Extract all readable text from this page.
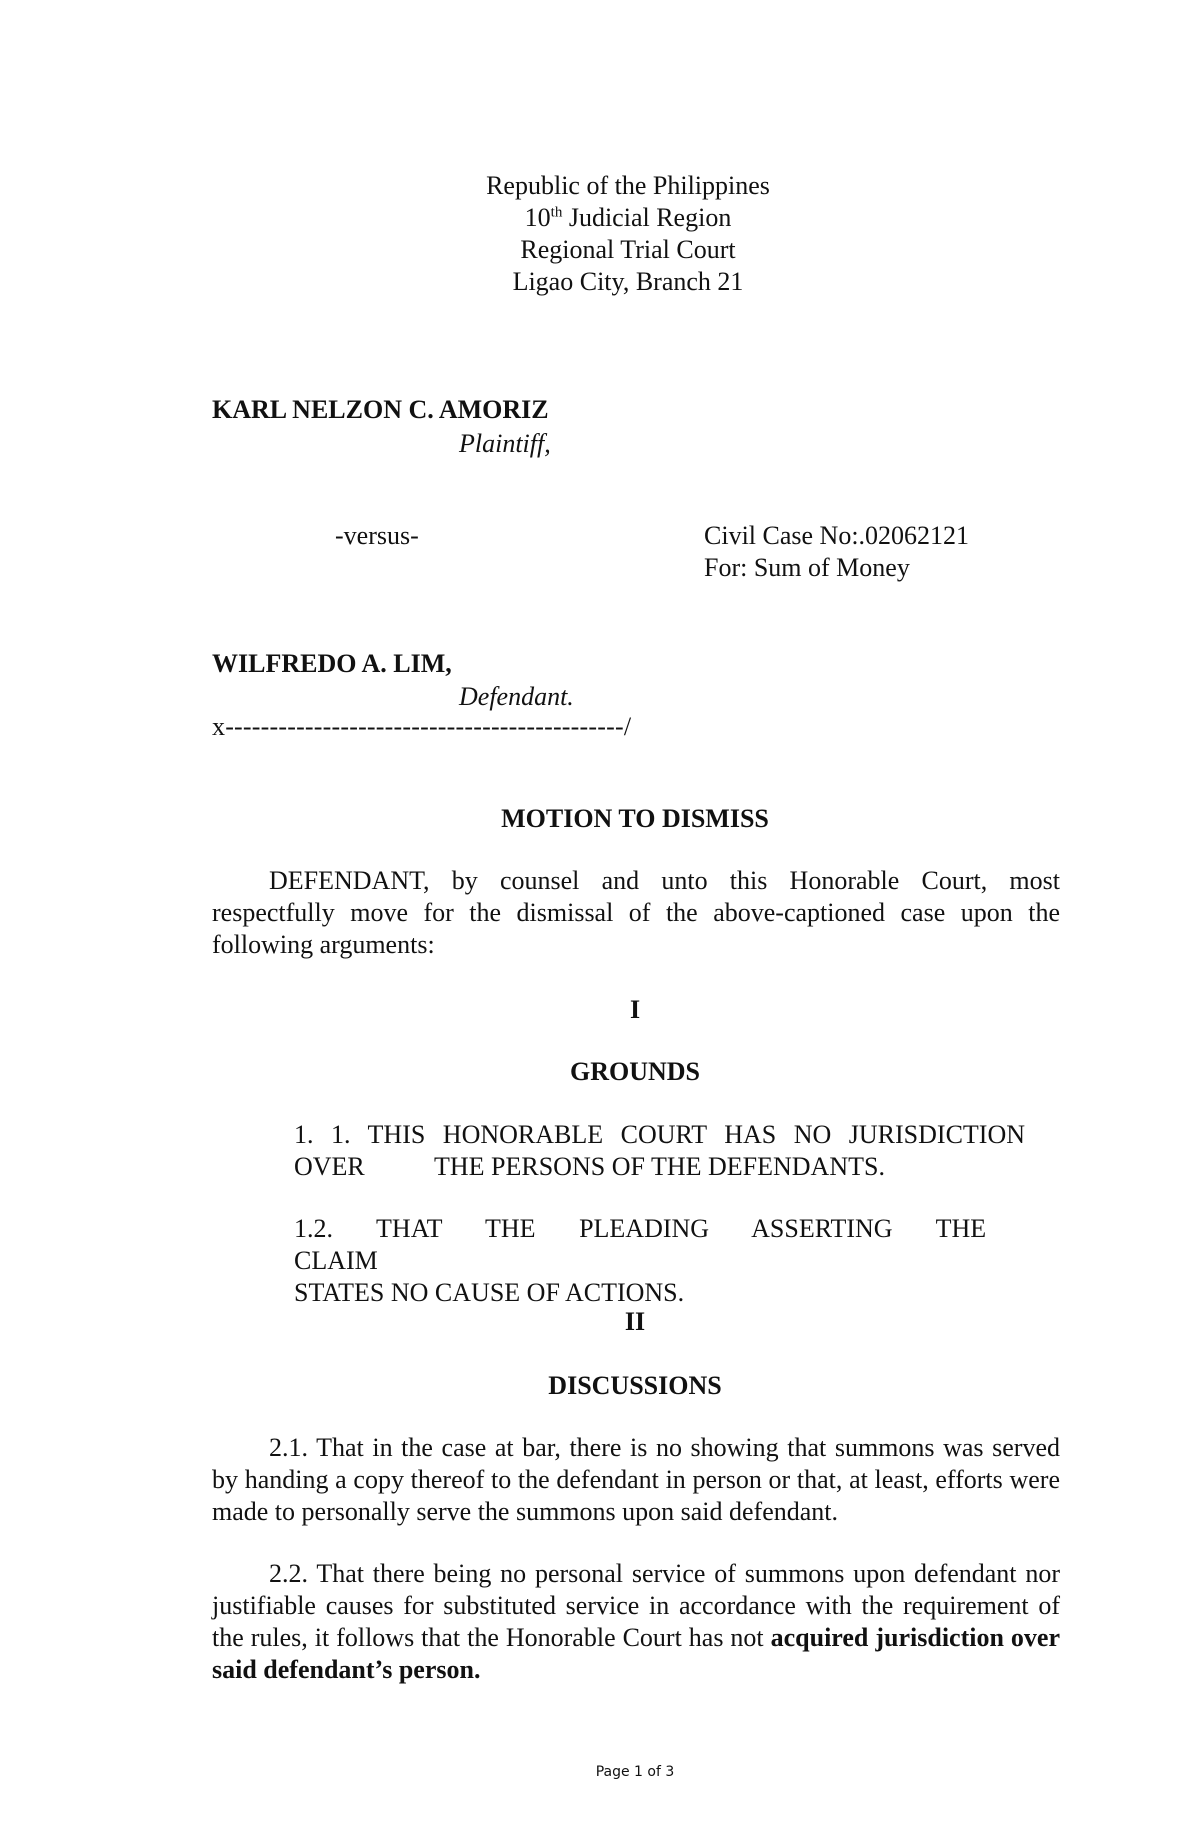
Republic of the Philippines
10th Judicial Region
Regional Trial Court
Ligao City, Branch 21
KARL NELZON C. AMORIZ
Plaintiff,
-versus-	Civil Case No:.02062121
For: Sum of Money
WILFREDO A. LIM,
Defendant.
x---------------------------------------------/
MOTION TO DISMISS
DEFENDANT, by counsel and unto this Honorable Court, most respectfully move for the dismissal of the above-captioned case upon the following arguments:
I
GROUNDS
1. 1. THIS HONORABLE COURT HAS NO JURISDICTION
OVER	THE PERSONS OF THE DEFENDANTS.
1.2. THAT THE PLEADING ASSERTING THE CLAIM
STATES NO CAUSE OF ACTIONS.
II
DISCUSSIONS
2.1. That in the case at bar, there is no showing that summons was served by handing a copy thereof to the defendant in person or that, at least, efforts were made to personally serve the summons upon said defendant.
2.2. That there being no personal service of summons upon defendant nor justifiable causes for substituted service in accordance with the requirement of the rules, it follows that the Honorable Court has not acquired jurisdiction over said defendant’s person.
Page 1 of 3
